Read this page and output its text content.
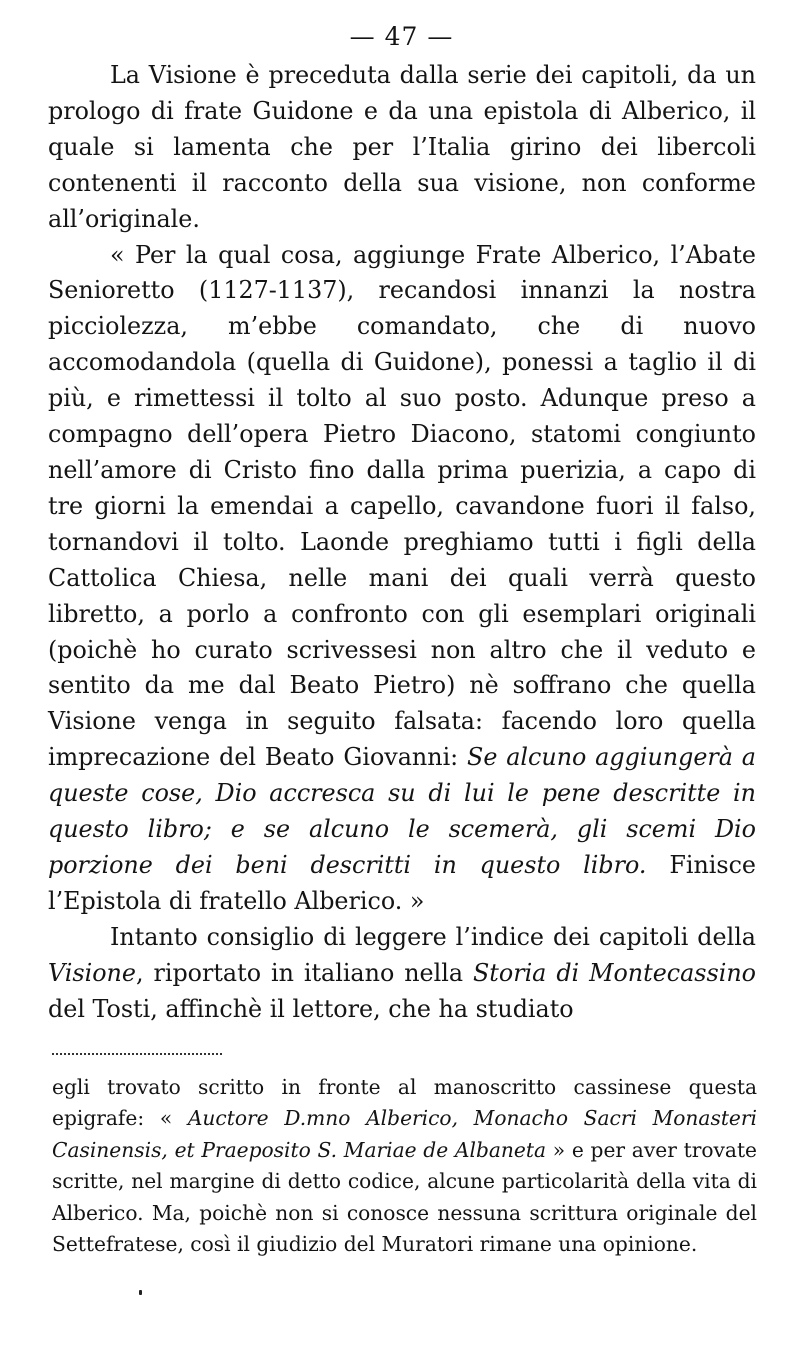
— 47 —

La Visione è preceduta dalla serie dei capitoli, da un prologo di frate Guidone e da una epistola di Alberico, il quale si lamenta che per l’Italia girino dei libercoli contenenti il racconto della sua visione, non conforme all’originale.

« Per la qual cosa, aggiunge Frate Alberico, l’Abate Senioretto (1127-1137), recandosi innanzi la nostra picciolezza, m’ebbe comandato, che di nuovo accomodandola (quella di Guidone), ponessi a taglio il di più, e rimettessi il tolto al suo posto. Adunque preso a compagno dell’opera Pietro Diacono, statomi congiunto nell’amore di Cristo fino dalla prima puerizia, a capo di tre giorni la emendai a capello, cavandone fuori il falso, tornandovi il tolto. Laonde preghiamo tutti i figli della Cattolica Chiesa, nelle mani dei quali verrà questo libretto, a porlo a confronto con gli esemplari originali (poichè ho curato scrivessesi non altro che il veduto e sentito da me dal Beato Pietro) nè soffrano che quella Visione venga in seguito falsata: facendo loro quella imprecazione del Beato Giovanni: Se alcuno aggiungerà a queste cose, Dio accresca su di lui le pene descritte in questo libro; e se alcuno le scemerà, gli scemi Dio porzione dei beni descritti in questo libro. Finisce l’Epistola di fratello Alberico. »

Intanto consiglio di leggere l’indice dei capitoli della Visione, riportato in italiano nella Storia di Montecassino del Tosti, affinchè il lettore, che ha studiato

egli trovato scritto in fronte al manoscritto cassinese questa epigrafe: « Auctore D.mno Alberico, Monacho Sacri Monasteri Casinensis, et Praeposito S. Mariae de Albaneta » e per aver trovate scritte, nel margine di detto codice, alcune particolarità della vita di Alberico. Ma, poichè non si conosce nessuna scrittura originale del Settefratese, così il giudizio del Muratori rimane una opinione.
